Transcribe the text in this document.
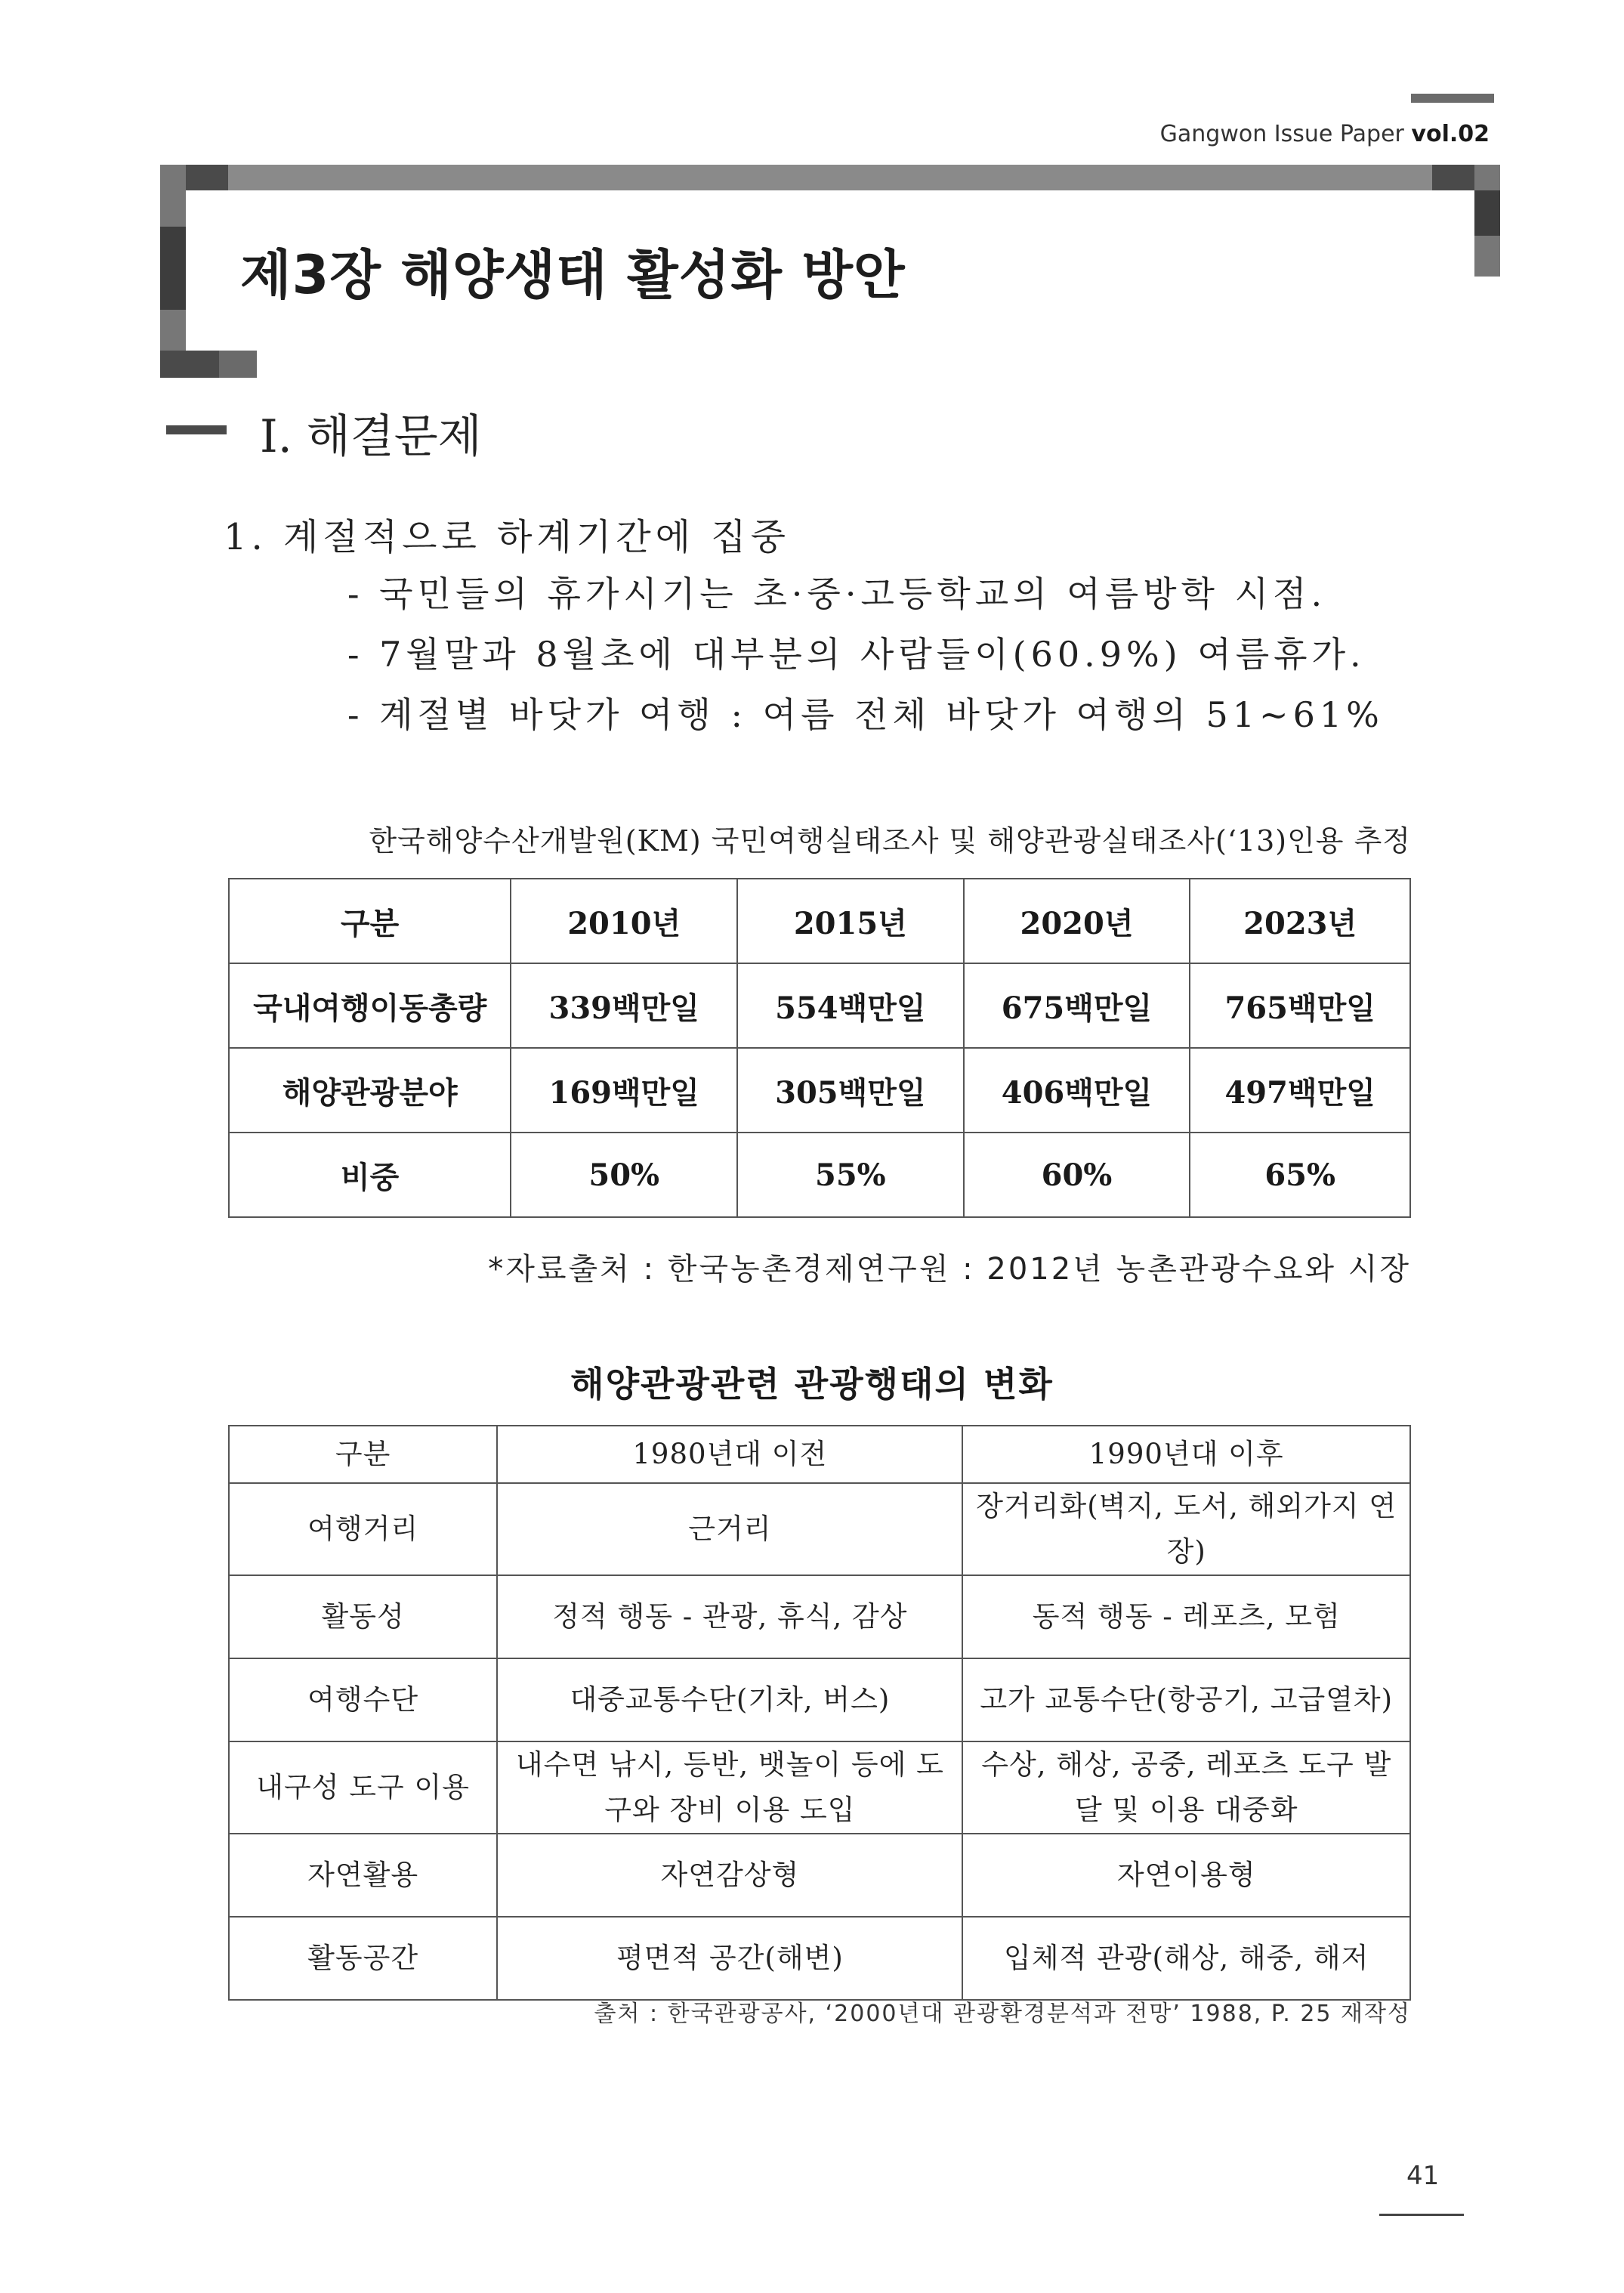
Gangwon Issue Paper vol.02
제3장 해양생태 활성화 방안
Ⅰ. 해결문제
1. 계절적으로 하계기간에 집중
- 국민들의 휴가시기는 초·중·고등학교의 여름방학 시점.
- 7월말과 8월초에 대부분의 사람들이(60.9%) 여름휴가.
- 계절별 바닷가 여행 : 여름 전체 바닷가 여행의 51~61%
한국해양수산개발원(KM) 국민여행실태조사 및 해양관광실태조사(‘13)인용 추정
구분	2010년	2015년	2020년	2023년
국내여행이동총량	339백만일	554백만일	675백만일	765백만일
해양관광분야	169백만일	305백만일	406백만일	497백만일
비중	50%	55%	60%	65%
*자료출처 : 한국농촌경제연구원 : 2012년 농촌관광수요와 시장
해양관광관련 관광행태의 변화
구분	1980년대 이전	1990년대 이후
여행거리	근거리	장거리화(벽지, 도서, 해외가지 연장)
활동성	정적 행동 - 관광, 휴식, 감상	동적 행동 - 레포츠, 모험
여행수단	대중교통수단(기차, 버스)	고가 교통수단(항공기, 고급열차)
내구성 도구 이용	내수면 낚시, 등반, 뱃놀이 등에 도구와 장비 이용 도입	수상, 해상, 공중, 레포츠 도구 발달 및 이용 대중화
자연활용	자연감상형	자연이용형
활동공간	평면적 공간(해변)	입체적 관광(해상, 해중, 해저
출처 : 한국관광공사, ‘2000년대 관광환경분석과 전망’ 1988, P. 25 재작성
41
